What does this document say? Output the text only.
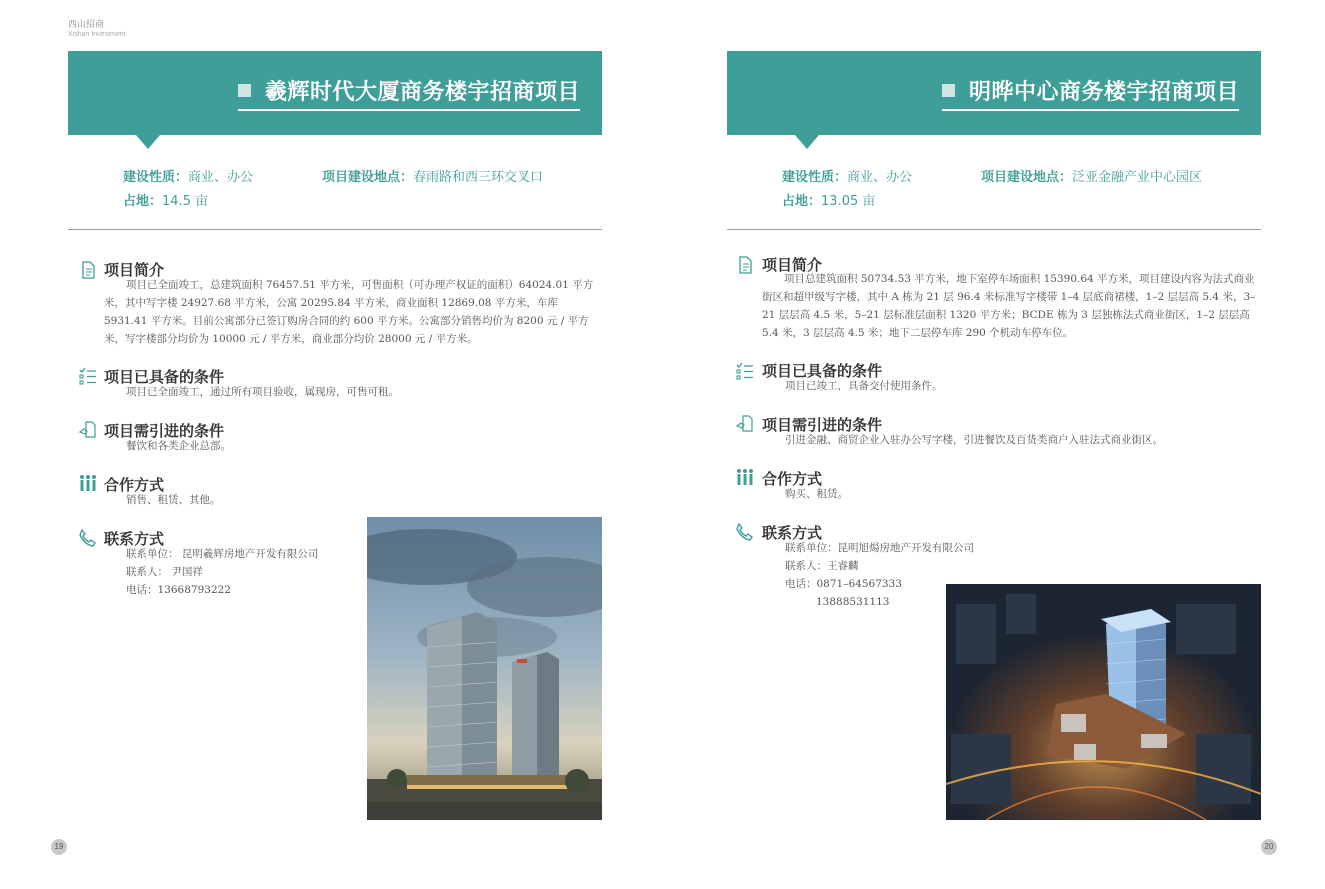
西山招商
Xishan Investment
羲辉时代大厦商务楼宇招商项目
建设性质：商业、办公	项目建设地点：春雨路和西三环交叉口
占地：14.5 亩
项目简介
项目已全面竣工，总建筑面积 76457.51 平方米，可售面积（可办理产权证的面积）64024.01 平方米，其中写字楼 24927.68 平方米，公寓 20295.84 平方米，商业面积 12869.08 平方米，车库 5931.41 平方米。目前公寓部分已签订购房合同的约 600 平方米。公寓部分销售均价为 8200 元 / 平方米，写字楼部分均价为 10000 元 / 平方米，商业部分均价 28000 元 / 平方米。
项目已具备的条件
项目已全面竣工，通过所有项目验收，属现房，可售可租。
项目需引进的条件
餐饮和各类企业总部。
合作方式
销售、租赁、其他。
联系方式
联系单位： 昆明羲辉房地产开发有限公司
联系人： 尹国祥
电话：13668793222
19
明晔中心商务楼宇招商项目
建设性质：商业、办公	项目建设地点：泛亚金融产业中心园区
占地：13.05 亩
项目简介
项目总建筑面积 50734.53 平方米，地下室停车场面积 15390.64 平方米，项目建设内容为法式商业街区和超甲级写字楼，其中 A 栋为 21 层 96.4 米标准写字楼带 1–4 层底商裙楼，1–2 层层高 5.4 米，3–21 层层高 4.5 米，5–21 层标准层面积 1320 平方米；BCDE 栋为 3 层独栋法式商业街区，1–2 层层高 5.4 米，3 层层高 4.5 米；地下二层停车库 290 个机动车停车位。
项目已具备的条件
项目已竣工，具备交付使用条件。
项目需引进的条件
引进金融、商贸企业入驻办公写字楼，引进餐饮及百货类商户入驻法式商业街区。
合作方式
购买、租赁。
联系方式
联系单位：昆明旭煬房地产开发有限公司
联系人：王睿麟
电话：0871–64567333
13888531113
20
